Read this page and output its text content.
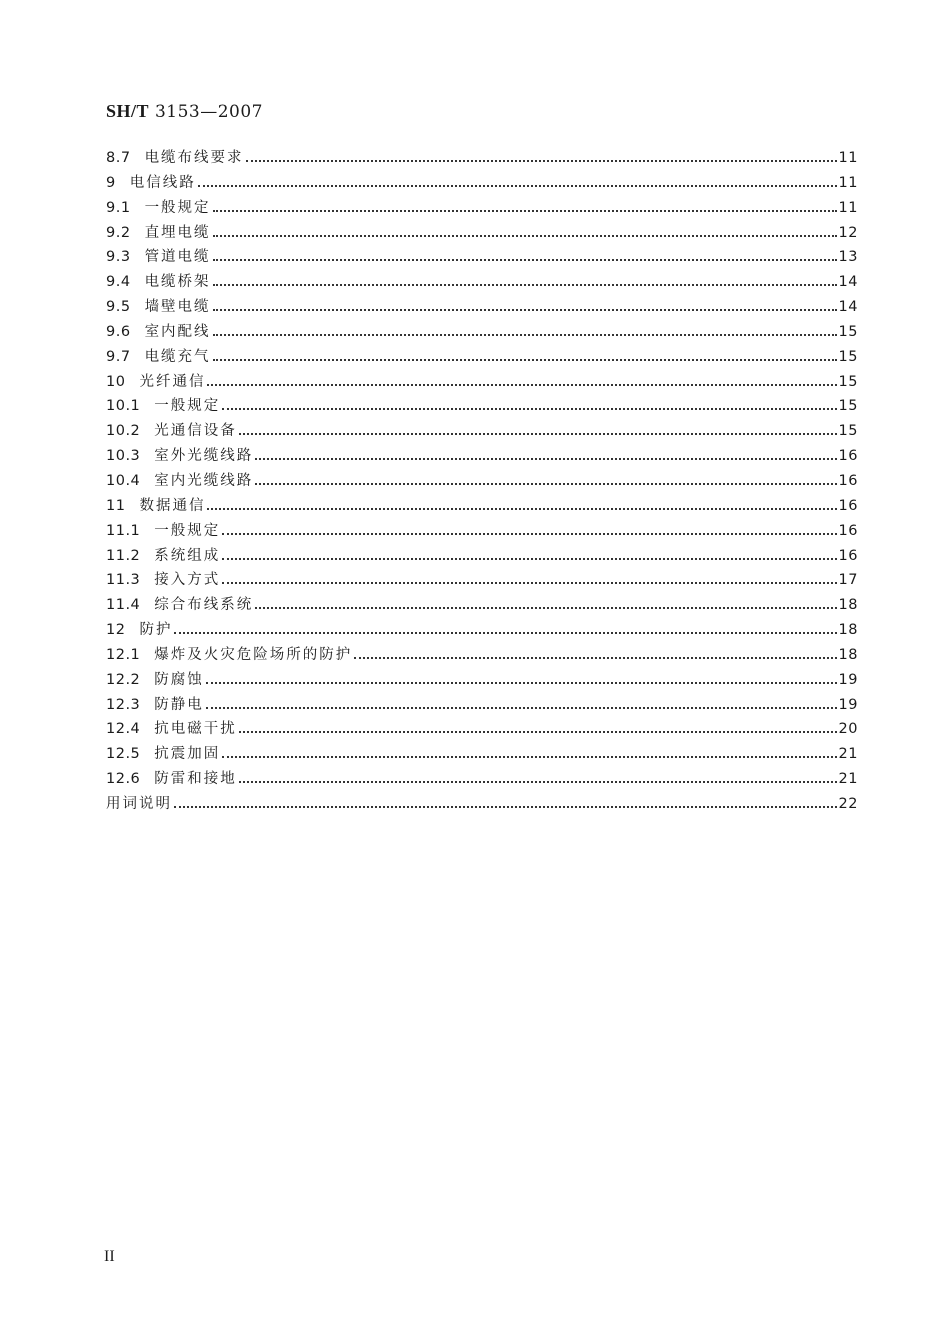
SH/T 3153—2007
8.7 电缆布线要求	11
9 电信线路	11
9.1 一般规定	11
9.2 直埋电缆	12
9.3 管道电缆	13
9.4 电缆桥架	14
9.5 墙壁电缆	14
9.6 室内配线	15
9.7 电缆充气	15
10 光纤通信	15
10.1 一般规定	15
10.2 光通信设备	15
10.3 室外光缆线路	16
10.4 室内光缆线路	16
11 数据通信	16
11.1 一般规定	16
11.2 系统组成	16
11.3 接入方式	17
11.4 综合布线系统	18
12 防护	18
12.1 爆炸及火灾危险场所的防护	18
12.2 防腐蚀	19
12.3 防静电	19
12.4 抗电磁干扰	20
12.5 抗震加固	21
12.6 防雷和接地	21
用词说明	22
II
